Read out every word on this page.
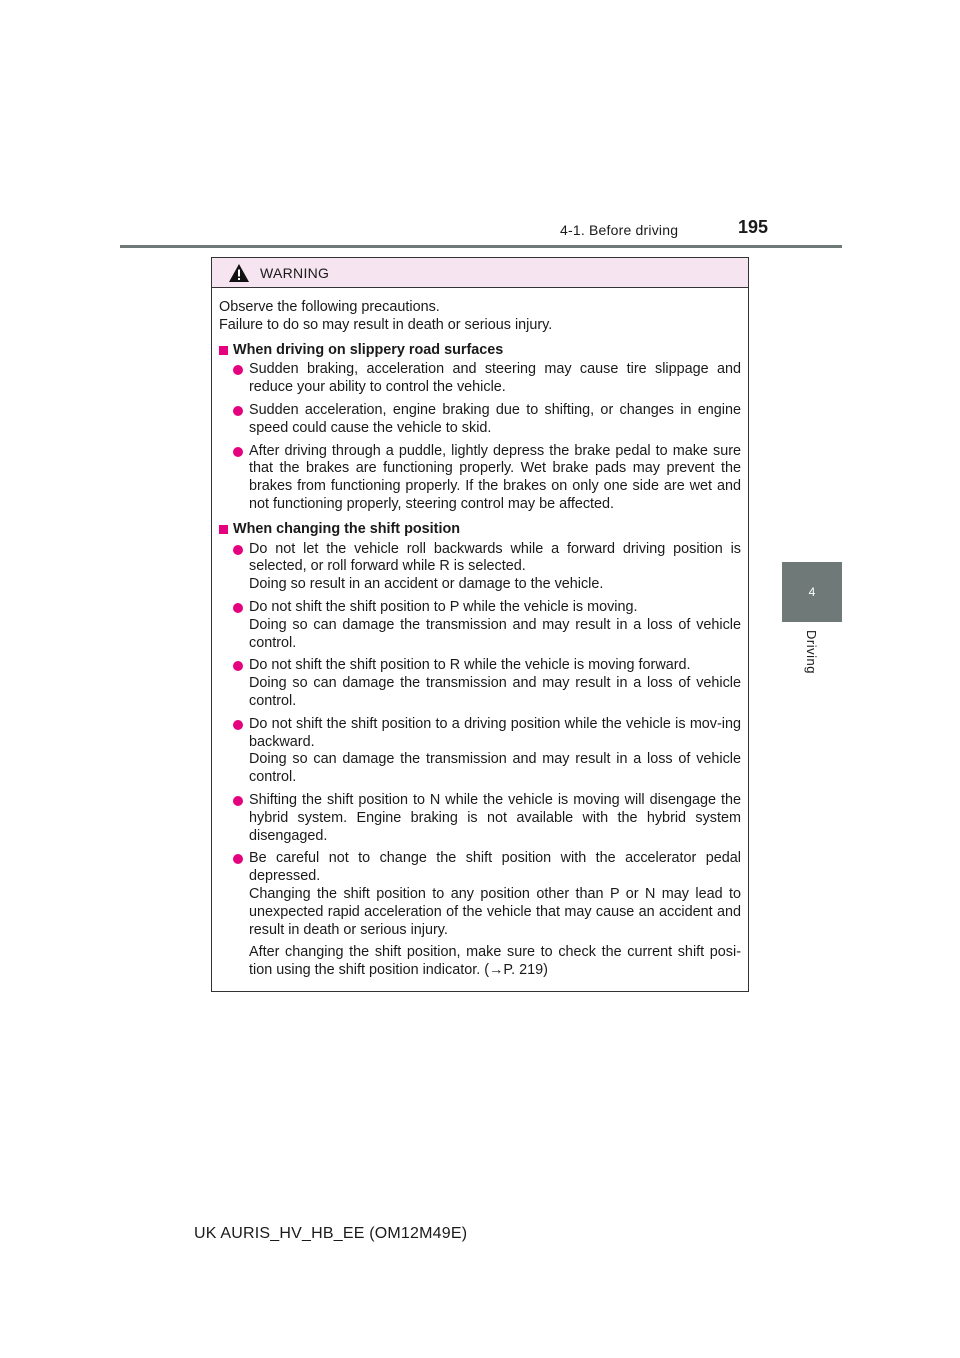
4-1. Before driving	195
4
Driving
WARNING

Observe the following precautions.

Failure to do so may result in death or serious injury.

When driving on slippery road surfaces

Sudden braking, acceleration and steering may cause tire slippage and reduce your ability to control the vehicle.

Sudden acceleration, engine braking due to shifting, or changes in engine speed could cause the vehicle to skid.

After driving through a puddle, lightly depress the brake pedal to make sure that the brakes are functioning properly. Wet brake pads may prevent the brakes from functioning properly. If the brakes on only one side are wet and not functioning properly, steering control may be affected.

When changing the shift position

Do not let the vehicle roll backwards while a forward driving position is selected, or roll forward while R is selected.

Doing so result in an accident or damage to the vehicle.

Do not shift the shift position to P while the vehicle is moving.

Doing so can damage the transmission and may result in a loss of vehicle control.

Do not shift the shift position to R while the vehicle is moving forward.

Doing so can damage the transmission and may result in a loss of vehicle control.

Do not shift the shift position to a driving position while the vehicle is mov-ing backward.

Doing so can damage the transmission and may result in a loss of vehicle control.

Shifting the shift position to N while the vehicle is moving will disengage the hybrid system. Engine braking is not available with the hybrid system disengaged.

Be careful not to change the shift position with the accelerator pedal depressed.

Changing the shift position to any position other than P or N may lead to unexpected rapid acceleration of the vehicle that may cause an accident and result in death or serious injury.

After changing the shift position, make sure to check the current shift posi-tion using the shift position indicator. (→P. 219)

UK AURIS_HV_HB_EE (OM12M49E)
